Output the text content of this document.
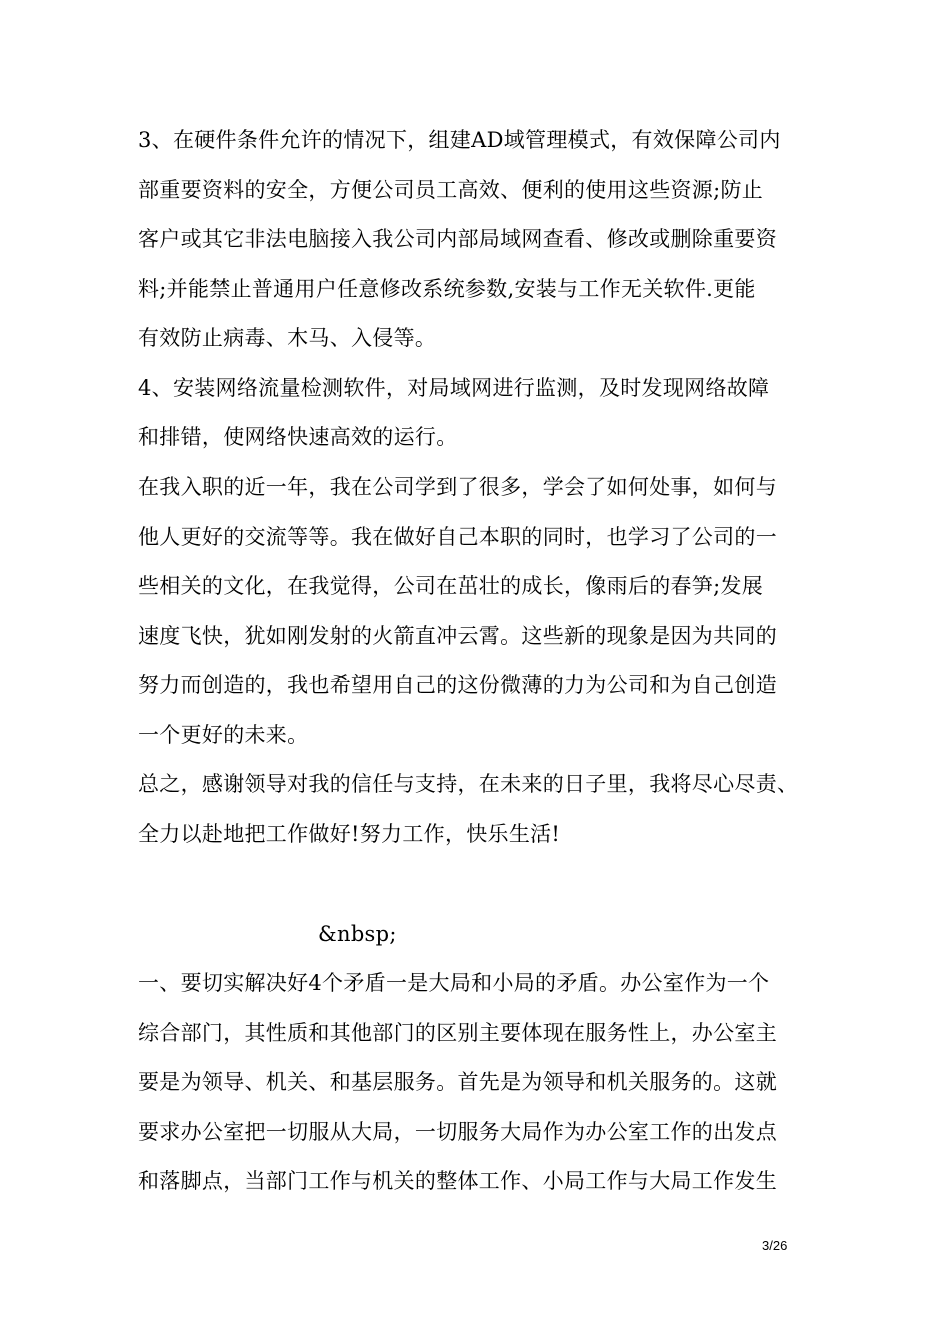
3、在硬件条件允许的情况下，组建AD域管理模式，有效保障公司内
部重要资料的安全，方便公司员工高效、便利的使用这些资源;防止
客户或其它非法电脑接入我公司内部局域网查看、修改或删除重要资
料;并能禁止普通用户任意修改系统参数,安装与工作无关软件.更能
有效防止病毒、木马、入侵等。
4、安装网络流量检测软件，对局域网进行监测，及时发现网络故障
和排错，使网络快速高效的运行。
在我入职的近一年，我在公司学到了很多，学会了如何处事，如何与
他人更好的交流等等。我在做好自己本职的同时，也学习了公司的一
些相关的文化，在我觉得，公司在茁壮的成长，像雨后的春笋;发展
速度飞快，犹如刚发射的火箭直冲云霄。这些新的现象是因为共同的
努力而创造的，我也希望用自己的这份微薄的力为公司和为自己创造
一个更好的未来。
总之，感谢领导对我的信任与支持，在未来的日子里，我将尽心尽责、
全力以赴地把工作做好!努力工作，快乐生活!
&nbsp;
一、要切实解决好4个矛盾一是大局和小局的矛盾。办公室作为一个
综合部门，其性质和其他部门的区别主要体现在服务性上，办公室主
要是为领导、机关、和基层服务。首先是为领导和机关服务的。这就
要求办公室把一切服从大局，一切服务大局作为办公室工作的出发点
和落脚点，当部门工作与机关的整体工作、小局工作与大局工作发生
3/26
